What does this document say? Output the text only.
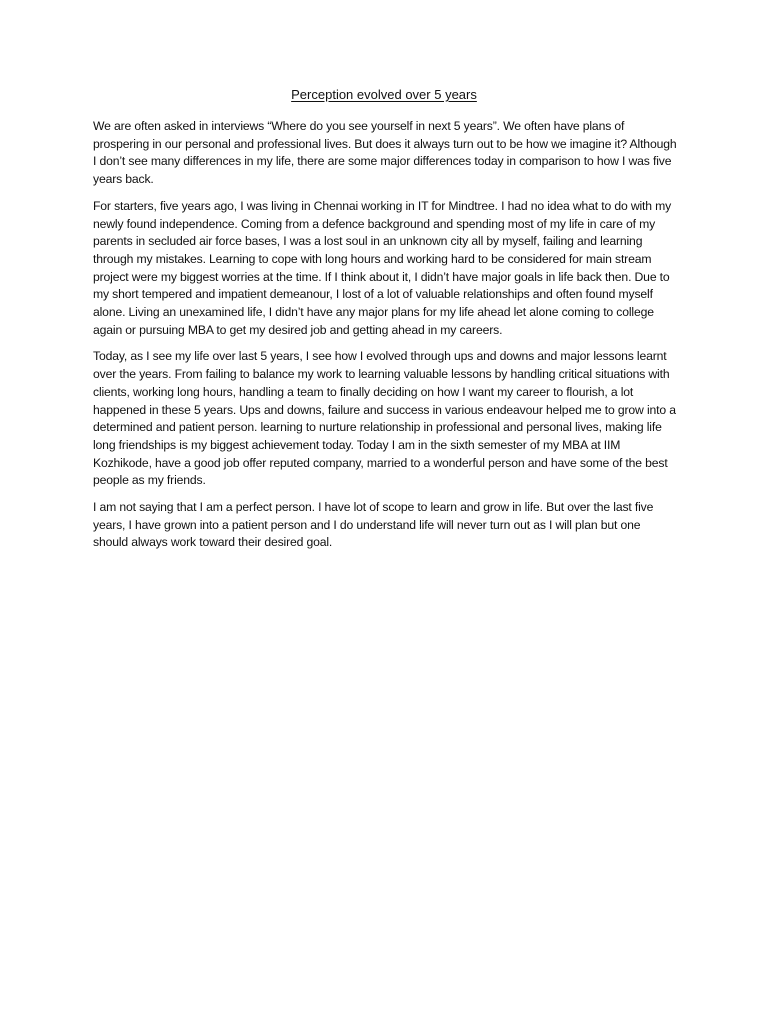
Perception evolved over 5 years

We are often asked in interviews “Where do you see yourself in next 5 years”. We often have plans of prospering in our personal and professional lives. But does it always turn out to be how we imagine it? Although I don’t see many differences in my life, there are some major differences today in comparison to how I was five years back.

For starters, five years ago, I was living in Chennai working in IT for Mindtree. I had no idea what to do with my newly found independence. Coming from a defence background and spending most of my life in care of my parents in secluded air force bases, I was a lost soul in an unknown city all by myself, failing and learning through my mistakes. Learning to cope with long hours and working hard to be considered for main stream project were my biggest worries at the time. If I think about it, I didn’t have major goals in life back then. Due to my short tempered and impatient demeanour, I lost of a lot of valuable relationships and often found myself alone. Living an unexamined life, I didn’t have any major plans for my life ahead let alone coming to college again or pursuing MBA to get my desired job and getting ahead in my careers.

Today, as I see my life over last 5 years, I see how I evolved through ups and downs and major lessons learnt over the years. From failing to balance my work to learning valuable lessons by handling critical situations with clients, working long hours, handling a team to finally deciding on how I want my career to flourish, a lot happened in these 5 years. Ups and downs, failure and success in various endeavour helped me to grow into a determined and patient person. learning to nurture relationship in professional and personal lives, making life long friendships is my biggest achievement today. Today I am in the sixth semester of my MBA at IIM Kozhikode, have a good job offer reputed company, married to a wonderful person and have some of the best people as my friends.

I am not saying that I am a perfect person. I have lot of scope to learn and grow in life. But over the last five years, I have grown into a patient person and I do understand life will never turn out as I will plan but one should always work toward their desired goal.
